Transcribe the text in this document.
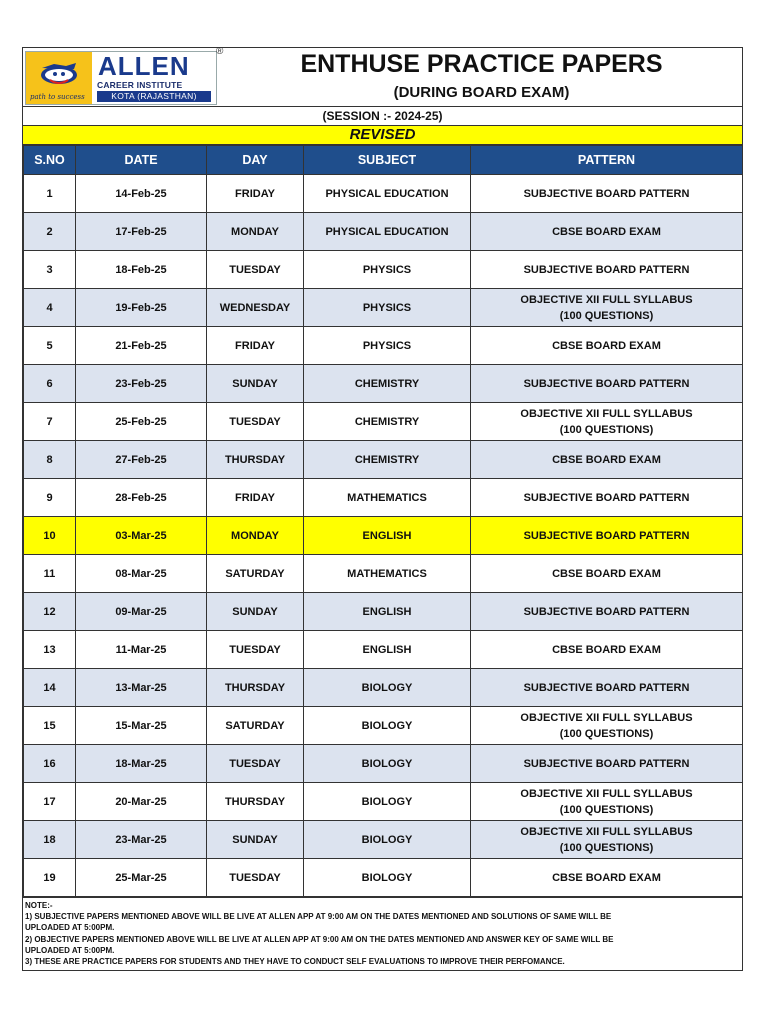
path to success
ALLEN
CAREER INSTITUTE
KOTA (RAJASTHAN)
®	ENTHUSE PRACTICE PAPERS
(DURING BOARD EXAM)
(SESSION :- 2024-25)
REVISED
S.NO	DATE	DAY	SUBJECT	PATTERN
1	14-Feb-25	FRIDAY	PHYSICAL EDUCATION	SUBJECTIVE BOARD PATTERN
2	17-Feb-25	MONDAY	PHYSICAL EDUCATION	CBSE BOARD EXAM
3	18-Feb-25	TUESDAY	PHYSICS	SUBJECTIVE BOARD PATTERN
4	19-Feb-25	WEDNESDAY	PHYSICS	OBJECTIVE XII FULL SYLLABUS
(100 QUESTIONS)
5	21-Feb-25	FRIDAY	PHYSICS	CBSE BOARD EXAM
6	23-Feb-25	SUNDAY	CHEMISTRY	SUBJECTIVE BOARD PATTERN
7	25-Feb-25	TUESDAY	CHEMISTRY	OBJECTIVE XII FULL SYLLABUS
(100 QUESTIONS)
8	27-Feb-25	THURSDAY	CHEMISTRY	CBSE BOARD EXAM
9	28-Feb-25	FRIDAY	MATHEMATICS	SUBJECTIVE BOARD PATTERN
10	03-Mar-25	MONDAY	ENGLISH	SUBJECTIVE BOARD PATTERN
11	08-Mar-25	SATURDAY	MATHEMATICS	CBSE BOARD EXAM
12	09-Mar-25	SUNDAY	ENGLISH	SUBJECTIVE BOARD PATTERN
13	11-Mar-25	TUESDAY	ENGLISH	CBSE BOARD EXAM
14	13-Mar-25	THURSDAY	BIOLOGY	SUBJECTIVE BOARD PATTERN
15	15-Mar-25	SATURDAY	BIOLOGY	OBJECTIVE XII FULL SYLLABUS
(100 QUESTIONS)
16	18-Mar-25	TUESDAY	BIOLOGY	SUBJECTIVE BOARD PATTERN
17	20-Mar-25	THURSDAY	BIOLOGY	OBJECTIVE XII FULL SYLLABUS
(100 QUESTIONS)
18	23-Mar-25	SUNDAY	BIOLOGY	OBJECTIVE XII FULL SYLLABUS
(100 QUESTIONS)
19	25-Mar-25	TUESDAY	BIOLOGY	CBSE BOARD EXAM
NOTE:-
1) SUBJECTIVE PAPERS MENTIONED ABOVE WILL BE LIVE AT ALLEN APP AT 9:00 AM ON THE DATES MENTIONED AND SOLUTIONS OF SAME WILL BE
UPLOADED AT 5:00PM.
2) OBJECTIVE PAPERS MENTIONED ABOVE WILL BE LIVE AT ALLEN APP AT 9:00 AM ON THE DATES MENTIONED AND ANSWER KEY OF SAME WILL BE
UPLOADED AT 5:00PM.
3) THESE ARE PRACTICE PAPERS FOR STUDENTS AND THEY HAVE TO CONDUCT SELF EVALUATIONS TO IMPROVE THEIR PERFOMANCE.
